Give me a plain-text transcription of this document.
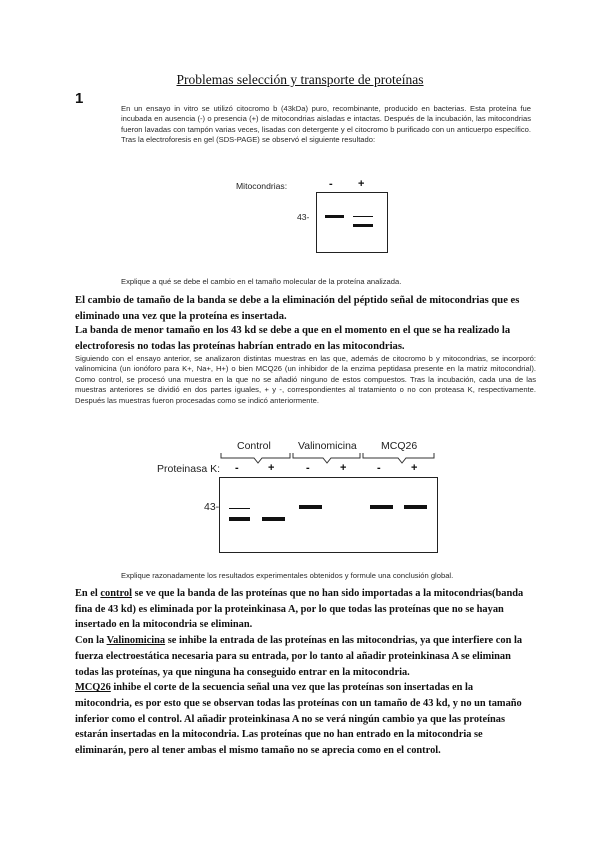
Problemas selección y transporte de proteínas
1
En un ensayo in vitro se utilizó citocromo b (43kDa) puro, recombinante, producido en bacterias. Esta proteína fue incubada en ausencia (-) o presencia (+) de mitocondrias aisladas e intactas. Después de la incubación, las mitocondrias fueron lavadas con tampón varias veces, lisadas con detergente y el citocromo b purificado con un anticuerpo específico. Tras la electroforesis en gel (SDS-PAGE) se observó el siguiente resultado:
Mitocondrias:	- +
43-
Explique a qué se debe el cambio en el tamaño molecular de la proteína analizada.
El cambio de tamaño de la banda se debe a la eliminación del péptido señal de mitocondrias que es eliminado una vez que la proteína es insertada.
La banda de menor tamaño en los 43 kd se debe a que en el momento en el que se ha realizado la electroforesis no todas las proteínas habrían entrado en las mitocondrias.
Siguiendo con el ensayo anterior, se analizaron distintas muestras en las que, además de citocromo b y mitocondrias, se incorporó: valinomicina (un ionóforo para K+, Na+, H+) o bien MCQ26 (un inhibidor de la enzima peptidasa presente en la matriz mitocondrial). Como control, se procesó una muestra en la que no se añadió ninguno de estos compuestos. Tras la incubación, cada una de las muestras anteriores se dividió en dos partes iguales, + y -, correspondientes al tratamiento o no con proteasa K, respectivamente. Después las muestras fueron procesadas como se indicó anteriormente.
Control	Valinomicina MCQ26
Proteinasa K: -	+	-	+	-	+
43-
Explique razonadamente los resultados experimentales obtenidos y formule una conclusión global.

En el control se ve que la banda de las proteínas que no han sido importadas a la mitocondrias(banda fina de 43 kd) es eliminada por la proteinkinasa A, por lo que todas las proteínas que no se hayan insertado en la mitocondria se eliminan.

Con la Valinomicina se inhibe la entrada de las proteínas en las mitocondrias, ya que interfiere con la fuerza electroestática necesaria para su entrada, por lo tanto al añadir proteinkinasa A se eliminan todas las proteínas, ya que ninguna ha conseguido entrar en la mitocondria.

MCQ26 inhibe el corte de la secuencia señal una vez que las proteínas son insertadas en la mitocondria, es por esto que se observan todas las proteínas con un tamaño de 43 kd, y no un tamaño inferior como el control. Al añadir proteinkinasa A no se verá ningún cambio ya que las proteínas estarán insertadas en la mitocondria. Las proteínas que no han entrado en la mitocondria se eliminarán, pero al tener ambas el mismo tamaño no se aprecia como en el control.
